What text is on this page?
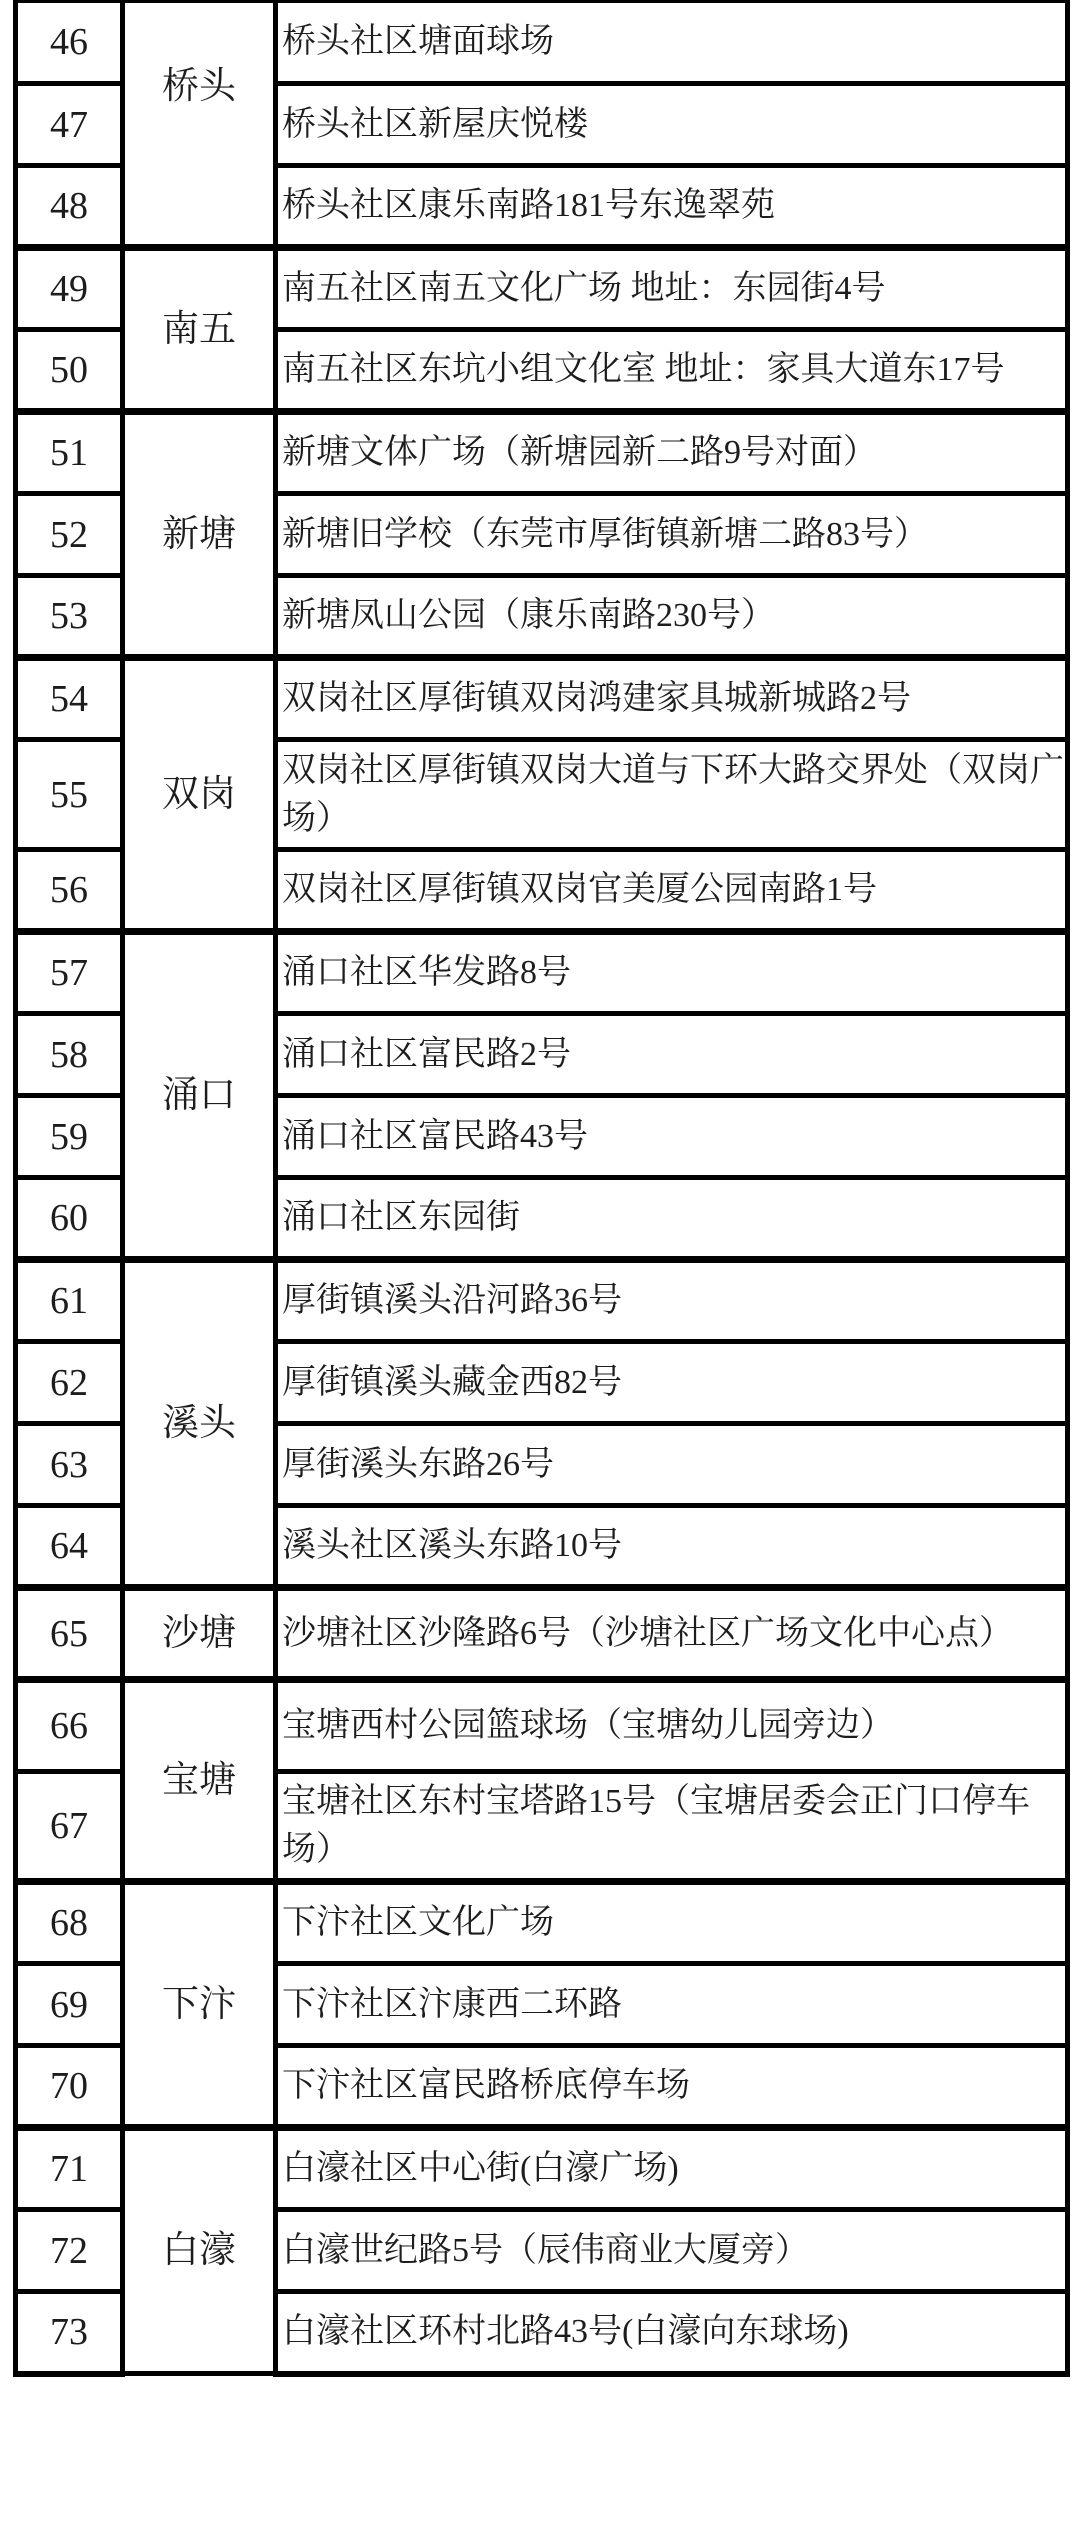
46	桥头	桥头社区塘面球场
47		桥头社区新屋庆悦楼
48		桥头社区康乐南路181号东逸翠苑
49	南五	南五社区南五文化广场 地址：东园街4号
50		南五社区东坑小组文化室 地址：家具大道东17号
51	新塘	新塘文体广场（新塘园新二路9号对面）
52		新塘旧学校（东莞市厚街镇新塘二路83号）
53		新塘凤山公园（康乐南路230号）
54	双岗	双岗社区厚街镇双岗鸿建家具城新城路2号
55		双岗社区厚街镇双岗大道与下环大路交界处（双岗广场）
56		双岗社区厚街镇双岗官美厦公园南路1号
57	涌口	涌口社区华发路8号
58		涌口社区富民路2号
59		涌口社区富民路43号
60		涌口社区东园街
61	溪头	厚街镇溪头沿河路36号
62		厚街镇溪头藏金西82号
63		厚街溪头东路26号
64		溪头社区溪头东路10号
65	沙塘	沙塘社区沙隆路6号（沙塘社区广场文化中心点）
66	宝塘	宝塘西村公园篮球场（宝塘幼儿园旁边）
67		宝塘社区东村宝塔路15号（宝塘居委会正门口停车场）
68	下汴	下汴社区文化广场
69		下汴社区汴康西二环路
70		下汴社区富民路桥底停车场
71	白濠	白濠社区中心街(白濠广场)
72		白濠世纪路5号（辰伟商业大厦旁）
73		白濠社区环村北路43号(白濠向东球场)
